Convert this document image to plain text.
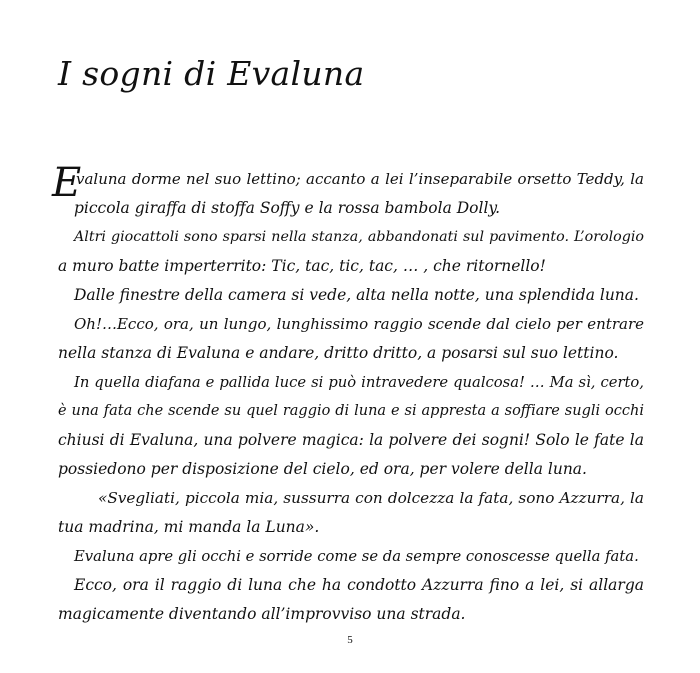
I sogni di Evaluna
E
valuna dorme nel suo lettino; accanto a lei l’inseparabile orsetto Teddy, la
piccola giraffa di stoffa Soffy e la rossa bambola Dolly.
Altri giocattoli sono sparsi nella stanza, abbandonati sul pavimento. L’orologio
a muro batte imperterrito: Tic, tac, tic, tac, … , che ritornello!
Dalle finestre della camera si vede, alta nella notte, una splendida luna.
Oh!…Ecco, ora, un lungo, lunghissimo raggio scende dal cielo per entrare
nella stanza di Evaluna e andare, dritto dritto, a posarsi sul suo lettino.
In quella diafana e pallida luce si può intravedere qualcosa! … Ma sì, certo,
è una fata che scende su quel raggio di luna e si appresta a soffiare sugli occhi
chiusi di Evaluna, una polvere magica: la polvere dei sogni! Solo le fate la
possiedono per disposizione del cielo, ed ora, per volere della luna.
«Svegliati, piccola mia, sussurra con dolcezza la fata, sono Azzurra, la
tua madrina, mi manda la Luna».
Evaluna apre gli occhi e sorride come se da sempre conoscesse quella fata.
Ecco, ora il raggio di luna che ha condotto Azzurra fino a lei, si allarga
magicamente diventando all’improvviso una strada.
5
